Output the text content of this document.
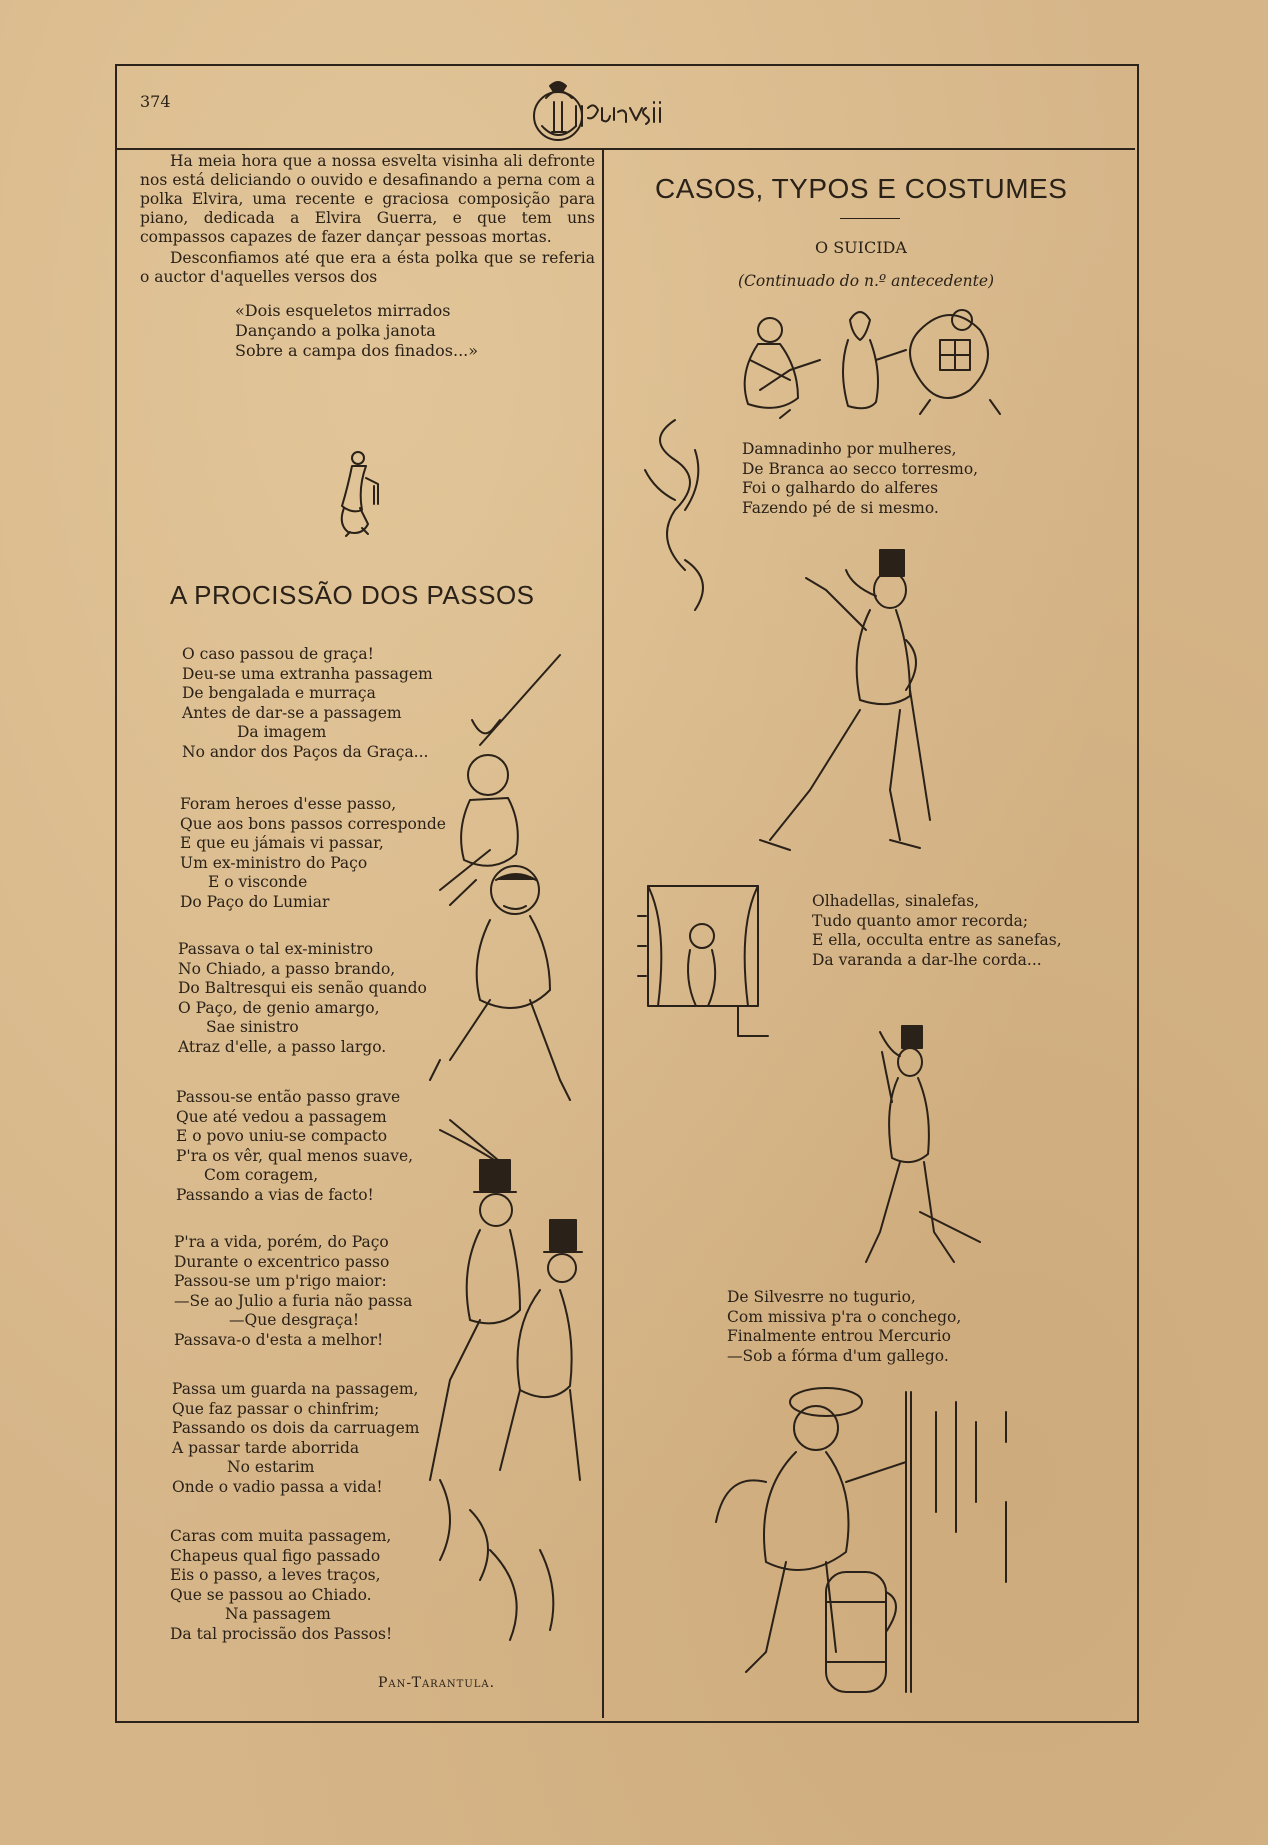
374

Ha meia hora que a nossa esvelta visinha ali defronte nos está deliciando o ouvido e desafinando a perna com a polka Elvira, uma recente e graciosa composição para piano, dedicada a Elvira Guerra, e que tem uns compassos capazes de fazer dançar pessoas mortas.

Desconfiamos até que era a ésta polka que se referia o auctor d'aquelles versos dos

«Dois esqueletos mirrados
Dançando a polka janota
Sobre a campa dos finados...»
A PROCISSÃO DOS PASSOS
O caso passou de graça!
Deu-se uma extranha passagem
De bengalada e murraça
Antes de dar-se a passagem
Da imagem
No andor dos Paços da Graça...
Foram heroes d'esse passo,
Que aos bons passos corresponde
E que eu jámais vi passar,
Um ex-ministro do Paço
E o visconde
Do Paço do Lumiar
Passava o tal ex-ministro
No Chiado, a passo brando,
Do Baltresqui eis senão quando
O Paço, de genio amargo,
Sae sinistro
Atraz d'elle, a passo largo.
Passou-se então passo grave
Que até vedou a passagem
E o povo uniu-se compacto
P'ra os vêr, qual menos suave,
Com coragem,
Passando a vias de facto!
P'ra a vida, porém, do Paço
Durante o excentrico passo
Passou-se um p'rigo maior:
—Se ao Julio a furia não passa
—Que desgraça!
Passava-o d'esta a melhor!
Passa um guarda na passagem,
Que faz passar o chinfrim;
Passando os dois da carruagem
A passar tarde aborrida
No estarim
Onde o vadio passa a vida!
Caras com muita passagem,
Chapeus qual figo passado
Eis o passo, a leves traços,
Que se passou ao Chiado.
Na passagem
Da tal procissão dos Passos!
Pan-Tarantula.
CASOS, TYPOS E COSTUMES
O SUICIDA
(Continuado do n.º antecedente)
Damnadinho por mulheres,
De Branca ao secco torresmo,
Foi o galhardo do alferes
Fazendo pé de si mesmo.
Olhadellas, sinalefas,
Tudo quanto amor recorda;
E ella, occulta entre as sanefas,
Da varanda a dar-lhe corda...
De Silvesrre no tugurio,
Com missiva p'ra o conchego,
Finalmente entrou Mercurio
—Sob a fórma d'um gallego.
